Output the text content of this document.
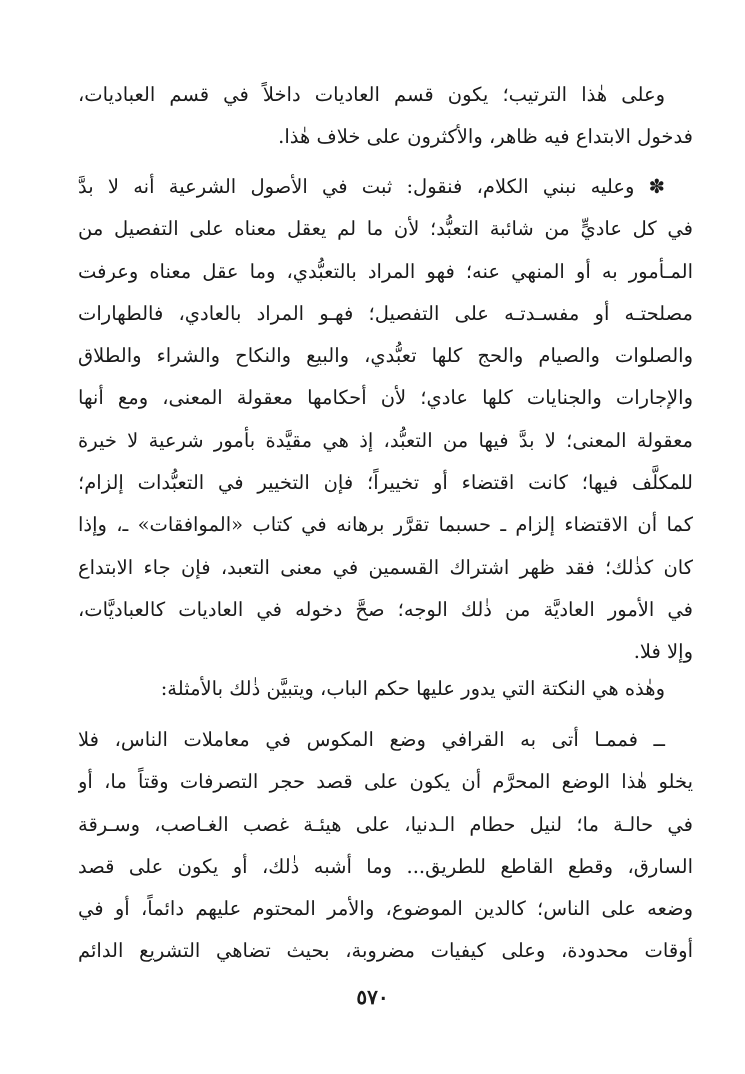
وعلى هٰذا الترتيب؛ يكون قسم العاديات داخلاً في قسم العباديات،
فدخول الابتداع فيه ظاهر، والأكثرون على خلاف هٰذا.
✽ وعليه نبني الكلام، فنقول: ثبت في الأصول الشرعية أنه لا بدَّ
في كل عاديٍّ من شائبة التعبُّد؛ لأن ما لم يعقل معناه على التفصيل من
المـأمور به أو المنهي عنه؛ فهو المراد بالتعبُّدي، وما عقل معناه وعرفت
مصلحتـه أو مفسـدتـه على التفصيل؛ فهـو المراد بالعادي، فالطهارات
والصلوات والصيام والحج كلها تعبُّدي، والبيع والنكاح والشراء والطلاق
والإجارات والجنايات كلها عادي؛ لأن أحكامها معقولة المعنى، ومع أنها
معقولة المعنى؛ لا بدَّ فيها من التعبُّد، إذ هي مقيَّدة بأمور شرعية لا خيرة
للمكلَّف فيها؛ كانت اقتضاء أو تخييراً؛ فإن التخيير في التعبُّدات إلزام؛
كما أن الاقتضاء إلزام ـ حسبما تقرَّر برهانه في كتاب «الموافقات» ـ، وإذا
كان كذٰلك؛ فقد ظهر اشتراك القسمين في معنى التعبد، فإن جاء الابتداع
في الأمور العاديَّة من ذٰلك الوجه؛ صحَّ دخوله في العاديات كالعباديَّات،
وإلا فلا.
وهٰذه هي النكتة التي يدور عليها حكم الباب، ويتبيَّن ذٰلك بالأمثلة:
ــ فممـا أتى به القرافي وضع المكوس في معاملات الناس، فلا
يخلو هٰذا الوضع المحرَّم أن يكون على قصد حجر التصرفات وقتاً ما، أو
في حالـة ما؛ لنيل حطام الـدنيا، على هيئـة غصب الغـاصب، وسـرقة
السارق، وقطع القاطع للطريق... وما أشبه ذٰلك، أو يكون على قصد
وضعه على الناس؛ كالدين الموضوع، والأمر المحتوم عليهم دائماً، أو في
أوقات محدودة، وعلى كيفيات مضروبة، بحيث تضاهي التشريع الدائم
٥٧٠
